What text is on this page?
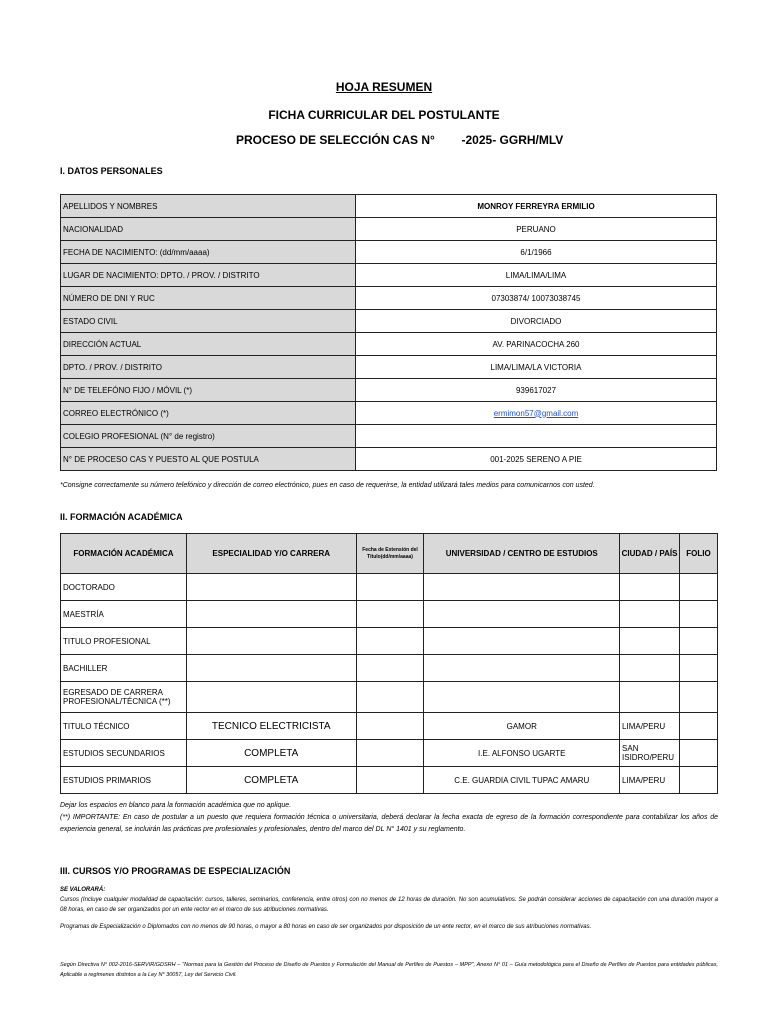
HOJA RESUMEN
FICHA CURRICULAR DEL POSTULANTE
PROCESO DE SELECCIÓN CAS N°        -2025- GGRH/MLV
I. DATOS PERSONALES
APELLIDOS Y NOMBRES	MONROY FERREYRA ERMILIO
NACIONALIDAD	PERUANO
FECHA DE NACIMIENTO: (dd/mm/aaaa)	6/1/1966
LUGAR DE NACIMIENTO: DPTO. / PROV. / DISTRITO	LIMA/LIMA/LIMA
NÚMERO DE DNI Y RUC	07303874/ 10073038745
ESTADO CIVIL	DIVORCIADO
DIRECCIÓN ACTUAL	AV. PARINACOCHA 260
DPTO. / PROV. / DISTRITO	LIMA/LIMA/LA VICTORIA
N° DE TELEFÓNO FIJO / MÓVIL (*)	939617027
CORREO ELECTRÓNICO (*)	ermimon57@gmail.com
COLEGIO PROFESIONAL (N° de registro)	
N° DE PROCESO CAS Y PUESTO AL QUE POSTULA	001-2025 SERENO A PIE
*Consigne correctamente su número telefónico y dirección de correo electrónico, pues en caso de requerirse, la entidad utilizará tales medios para comunicarnos con usted.
II. FORMACIÓN ACADÉMICA
FORMACIÓN ACADÉMICA	ESPECIALIDAD Y/O CARRERA	Fecha de Extensión del Título(dd/mm/aaaa)	UNIVERSIDAD / CENTRO DE ESTUDIOS	CIUDAD / PAÍS	FOLIO
DOCTORADO					
MAESTRÍA					
TITULO PROFESIONAL					
BACHILLER					
EGRESADO DE CARRERA PROFESIONAL/TÉCNICA (**)					
TITULO TÉCNICO	TECNICO ELECTRICISTA		GAMOR	LIMA/PERU	
ESTUDIOS SECUNDARIOS	COMPLETA		I.E. ALFONSO UGARTE	SAN ISIDRO/PERU	
ESTUDIOS PRIMARIOS	COMPLETA		C.E. GUARDIA CIVIL TUPAC AMARU	LIMA/PERU	
Dejar los espacios en blanco para la formación académica que no aplique.
(**) IMPORTANTE: En caso de postular a un puesto que requiera formación técnica o universitaria, deberá declarar la fecha exacta de egreso de la formación correspondiente para contabilizar los años de experiencia general, se incluirán las prácticas pre profesionales y profesionales, dentro del marco del DL N° 1401 y su reglamento.
III. CURSOS Y/O PROGRAMAS DE ESPECIALIZACIÓN
SE VALORARÁ:
Cursos (Incluye cualquier modalidad de capacitación: cursos, talleres, seminarios, conferencia, entre otros) con no menos de 12 horas de duración. No son acumulativos. Se podrán considerar acciones de capacitación con una duración mayor a 08 horas, en caso de ser organizados por un ente rector en el marco de sus atribuciones normativas.
Programas de Especialización o Diplomados con no menos de 90 horas, o mayor a 80 horas en caso de ser organizados por disposición de un ente rector, en el marco de sus atribuciones normativas.
Según Directiva N° 002-2016-SERVIR/GDSRH – "Normas para la Gestión del Proceso de Diseño de Puestos y Formulación del Manual de Perfiles de Puestos – MPP", Anexo N° 01 – Guía metodológica para el Diseño de Perfiles de Puestos para entidades públicas, Aplicable a regímenes distintos a la Ley N° 30057, Ley del Servicio Civil.
